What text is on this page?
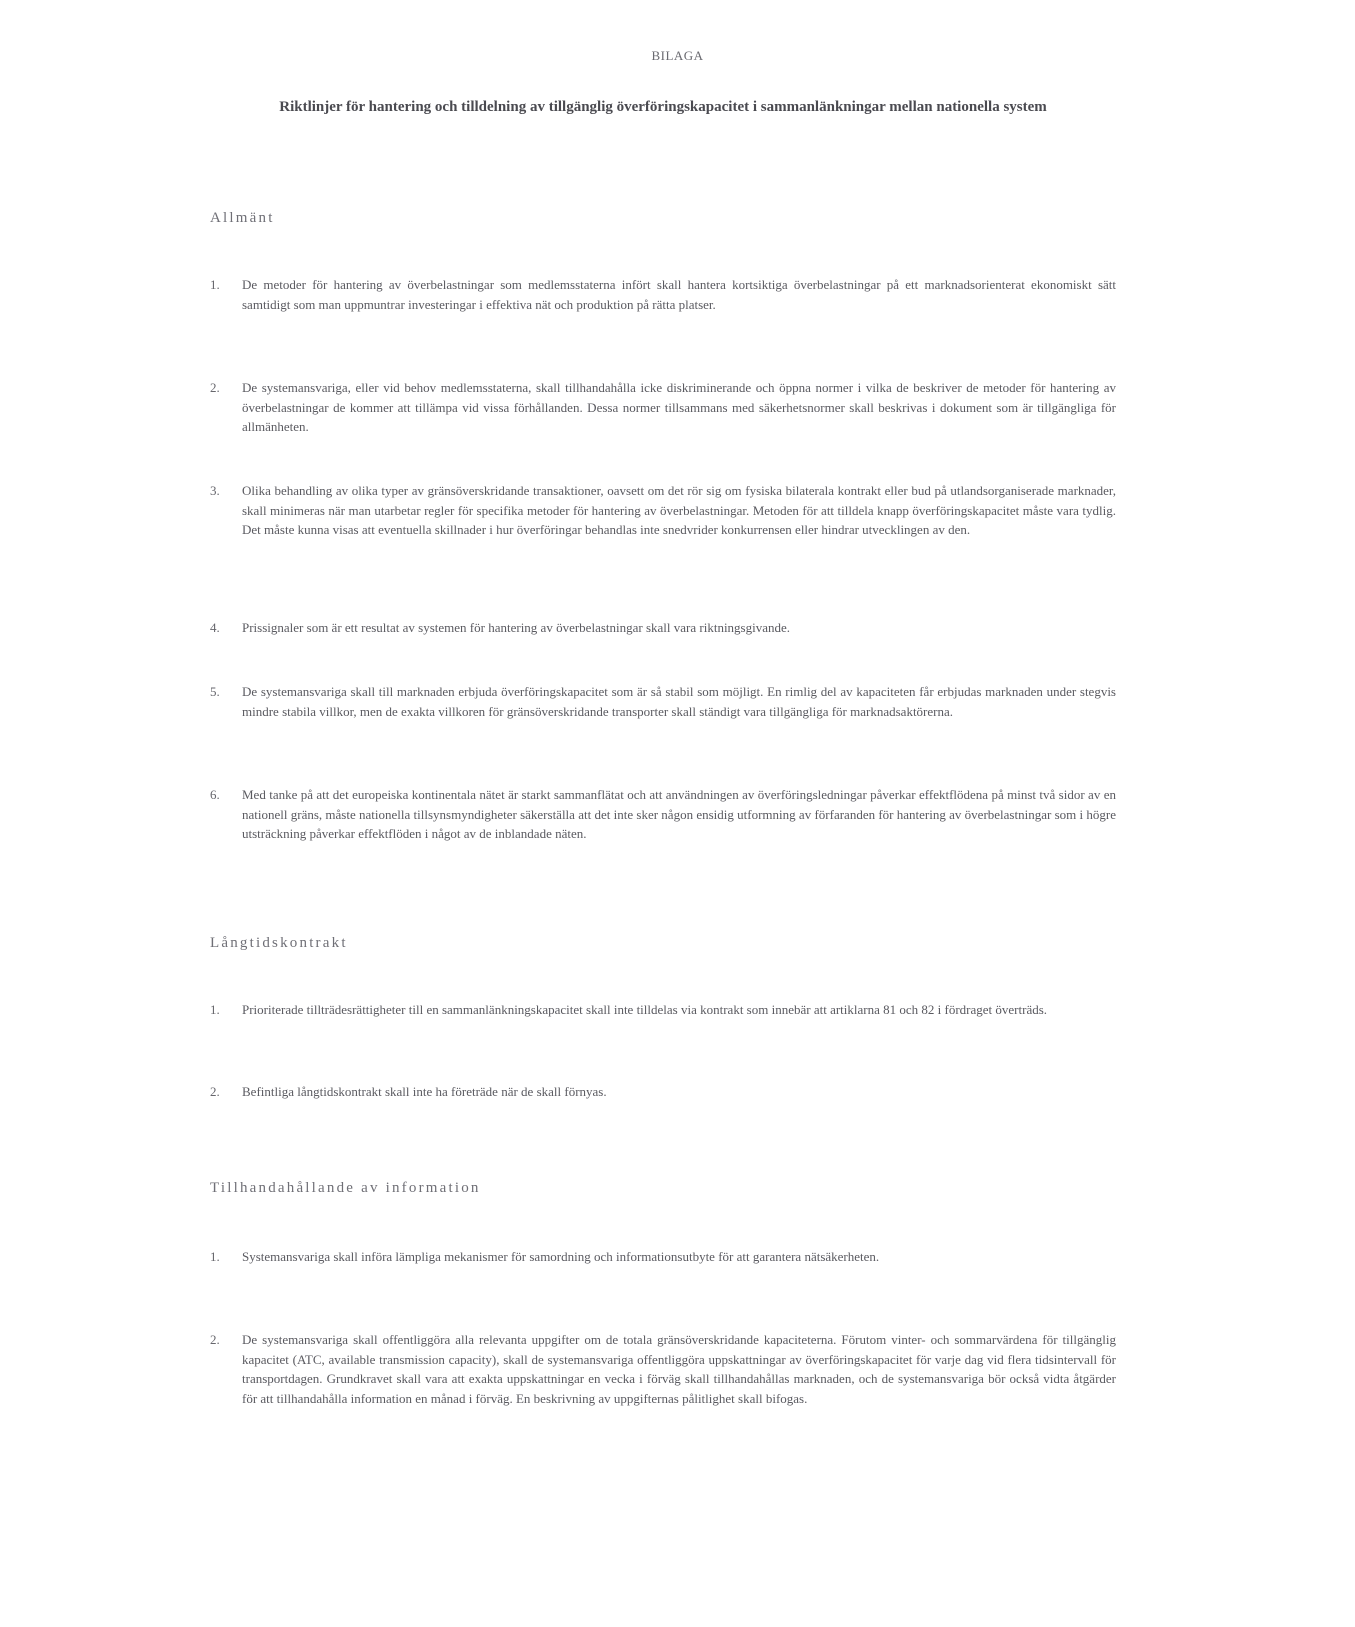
BILAGA
Riktlinjer för hantering och tilldelning av tillgänglig överföringskapacitet i sammanlänkningar mellan nationella system
Allmänt
1.	De metoder för hantering av överbelastningar som medlemsstaterna infört skall hantera kortsiktiga överbelastningar på ett marknadsorienterat ekonomiskt sätt samtidigt som man uppmuntrar investeringar i effektiva nät och produktion på rätta platser.
2.	De systemansvariga, eller vid behov medlemsstaterna, skall tillhandahålla icke diskriminerande och öppna normer i vilka de beskriver de metoder för hantering av överbelastningar de kommer att tillämpa vid vissa förhållanden. Dessa normer tillsammans med säkerhetsnormer skall beskrivas i dokument som är tillgängliga för allmänheten.
3.	Olika behandling av olika typer av gränsöverskridande transaktioner, oavsett om det rör sig om fysiska bilaterala kontrakt eller bud på utlandsorganiserade marknader, skall minimeras när man utarbetar regler för specifika metoder för hantering av överbelastningar. Metoden för att tilldela knapp överföringskapacitet måste vara tydlig. Det måste kunna visas att eventuella skillnader i hur överföringar behandlas inte snedvrider konkurrensen eller hindrar utvecklingen av den.
4.	Prissignaler som är ett resultat av systemen för hantering av överbelastningar skall vara riktningsgivande.
5.	De systemansvariga skall till marknaden erbjuda överföringskapacitet som är så stabil som möjligt. En rimlig del av kapaciteten får erbjudas marknaden under stegvis mindre stabila villkor, men de exakta villkoren för gränsöverskridande transporter skall ständigt vara tillgängliga för marknadsaktörerna.
6.	Med tanke på att det europeiska kontinentala nätet är starkt sammanflätat och att användningen av överföringsledningar påverkar effektflödena på minst två sidor av en nationell gräns, måste nationella tillsynsmyndigheter säkerställa att det inte sker någon ensidig utformning av förfaranden för hantering av överbelastningar som i högre utsträckning påverkar effektflöden i något av de inblandade näten.
Långtidskontrakt
1.	Prioriterade tillträdesrättigheter till en sammanlänkningskapacitet skall inte tilldelas via kontrakt som innebär att artiklarna 81 och 82 i fördraget överträds.
2.	Befintliga långtidskontrakt skall inte ha företräde när de skall förnyas.
Tillhandahållande av information
1.	Systemansvariga skall införa lämpliga mekanismer för samordning och informationsutbyte för att garantera nätsäkerheten.
2.	De systemansvariga skall offentliggöra alla relevanta uppgifter om de totala gränsöverskridande kapaciteterna. Förutom vinter- och sommarvärdena för tillgänglig kapacitet (ATC, available transmission capacity), skall de systemansvariga offentliggöra uppskattningar av överföringskapacitet för varje dag vid flera tidsintervall för transportdagen. Grundkravet skall vara att exakta uppskattningar en vecka i förväg skall tillhandahållas marknaden, och de systemansvariga bör också vidta åtgärder för att tillhandahålla information en månad i förväg. En beskrivning av uppgifternas pålitlighet skall bifogas.
